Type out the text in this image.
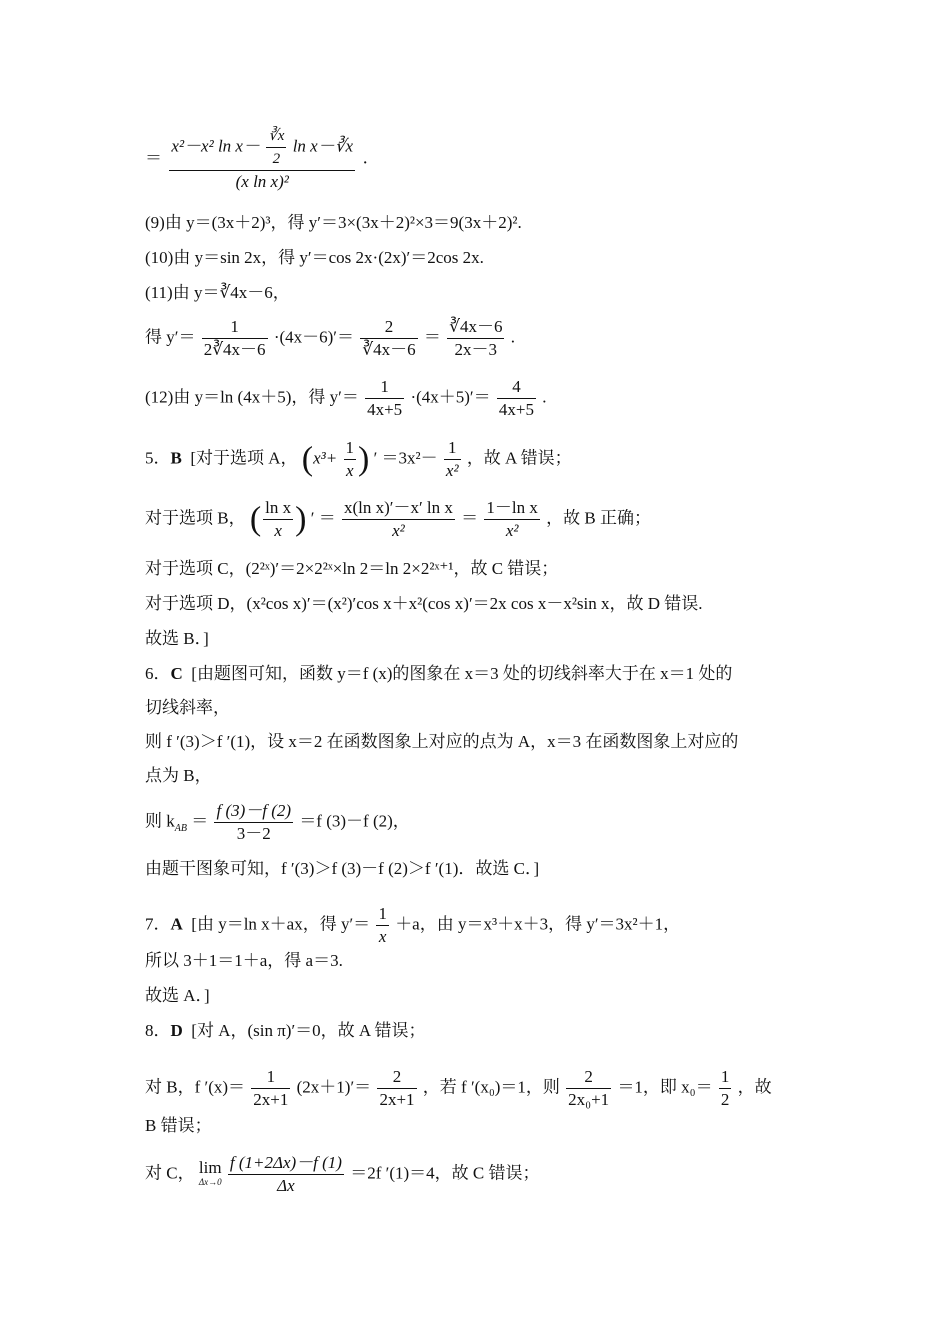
＝ $\frac{x^2-x^2 \ln x- \frac{∛x}{2} \ln x-∛x}{\text{(x ln x)²}}$ .
(9)由 y＝(3x＋2)³，得 y′＝3×(3x＋2)²×3＝9(3x＋2)².
(10)由 y＝sin 2x，得 y′＝cos 2x·(2x)′＝2cos 2x.
(11)由 y＝∛4x－6，
得 $y'= \frac{1}{2∛4x-6} \cdot(4x-6)'= \frac{2}{∛4x-6} = \frac{∛4x-6}{2x-3}$ .
(12)由 y＝ln (4x＋5)，得 $y'= \frac{1}{4x+5} \cdot(4x+5)'= \frac{4}{4x+5}$ .
5．B [对于选项 A， ($x^3+ \frac{1}{x}$ ) ′ $=3x^2- \frac{1}{\text{x²}}$ ，故 A 错误；
对于选项 B， ( $\frac{\text{ln x}}{x}$ ) ′ ＝ $\frac{\text{x(ln x)′－x′ ln x}}{\text{x²}} = \frac{\text{1－ln x}}{\text{x²}}$ ，故 B 正确；
对于选项 C，(2²ˣ)′＝2×2²ˣ×ln 2＝ln 2×2²ˣ⁺¹，故 C 错误；
对于选项 D，(x²cos x)′＝(x²)′cos x＋x²(cos x)′＝2x cos x－x²sin x，故 D 错误.
故选 B．]
6．C [由题图可知，函数 y＝f (x)的图象在 x＝3 处的切线斜率大于在 x＝1 处的
切线斜率，
则 f ′(3)＞f ′(1)，设 x＝2 在函数图象上对应的点为 A，x＝3 在函数图象上对应的
点为 B，
则 $k_{AB} = \frac{f (3)-f (2)}{3-2} =f$ (3)－f (2)，
由题干图象可知，f ′(3)＞f (3)－f (2)＞f ′(1)．故选 C．]
7．A [由 y＝ln x＋ax，得 $y'= \frac{1}{x} +a$，由 y＝x³＋x＋3，得 y′＝3x²＋1，
所以 3＋1＝1＋a，得 a＝3.
故选 A．]
8．D [对 A，(sin π)′＝0，故 A 错误；
对 B，f $'(x)= \frac{1}{2x+1} (2x+1)'= \frac{2}{2x+1}$ ，若 f ′(x₀)＝1，则 $\frac{2}{\text{2x₀+1}} =1$，即 $x_0= \frac{1}{2}$ ，故
B 错误；
对 C， lim
Δx→0
$\frac{f (1+2\Delta x)-f (1)}{\Delta x} =2f$ ′(1)＝4，故 C 错误；
